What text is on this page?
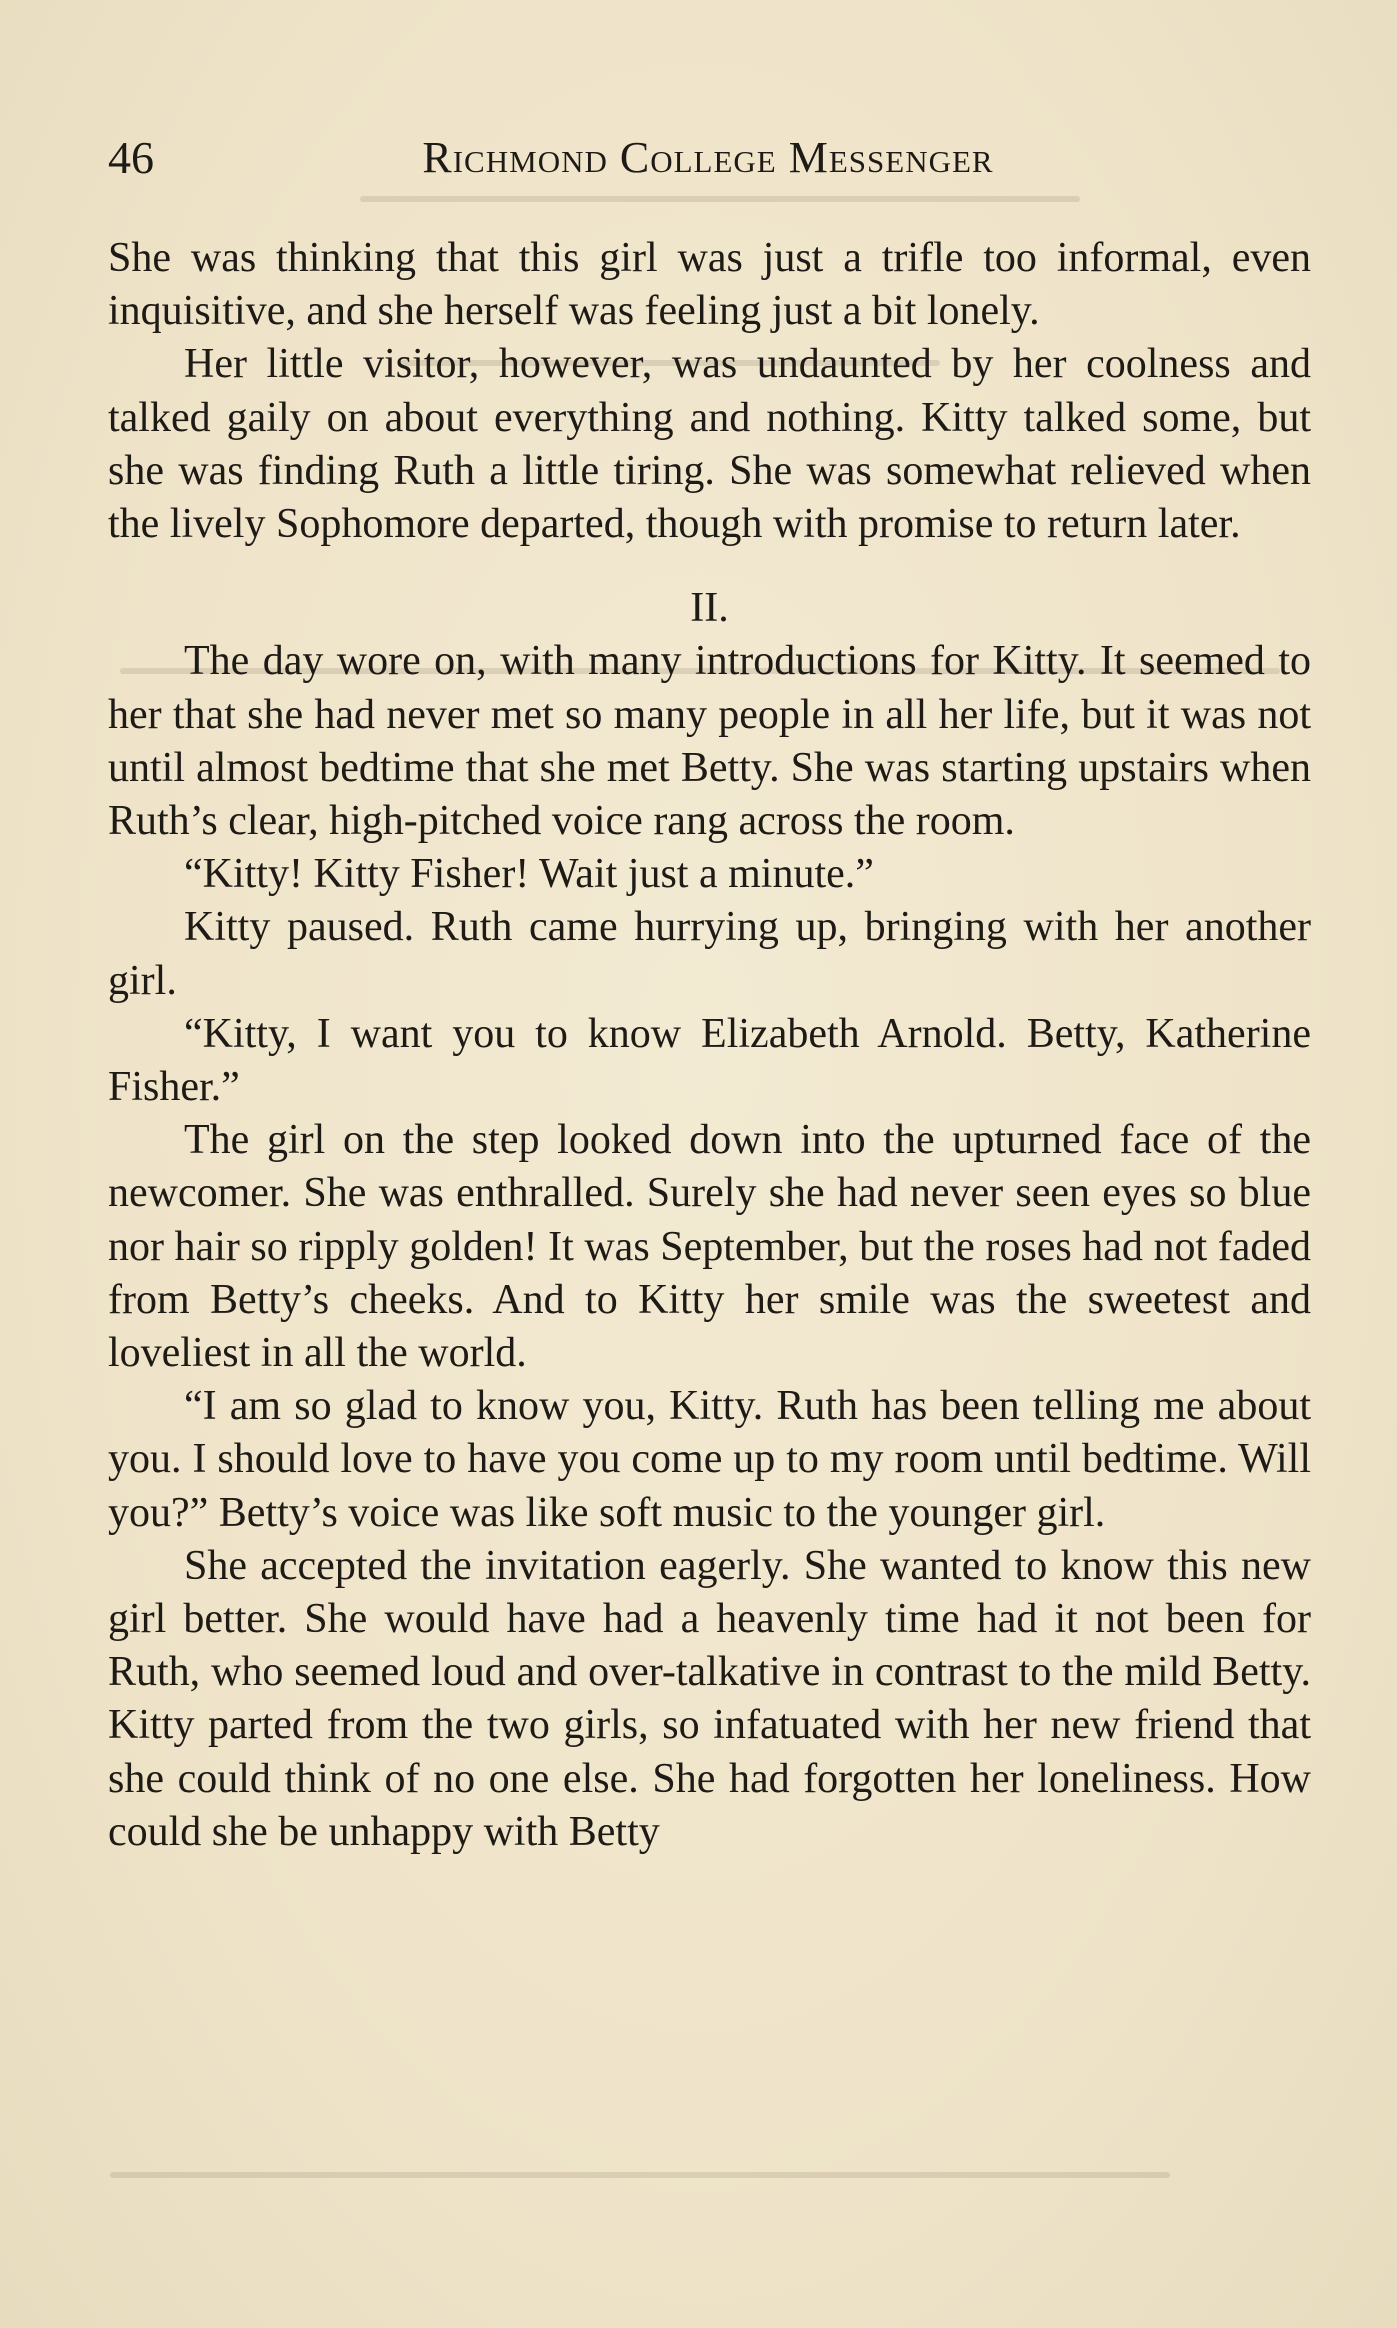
46	Richmond College Messenger

She was thinking that this girl was just a trifle too informal, even inquisitive, and she herself was feeling just a bit lonely.

Her little visitor, however, was undaunted by her coolness and talked gaily on about everything and nothing. Kitty talked some, but she was finding Ruth a little tiring. She was somewhat relieved when the lively Sophomore departed, though with promise to return later.

II.

The day wore on, with many introductions for Kitty. It seemed to her that she had never met so many people in all her life, but it was not until almost bedtime that she met Betty. She was starting upstairs when Ruth’s clear, high-pitched voice rang across the room.

“Kitty! Kitty Fisher! Wait just a minute.”

Kitty paused. Ruth came hurrying up, bringing with her another girl.

“Kitty, I want you to know Elizabeth Arnold. Betty, Katherine Fisher.”

The girl on the step looked down into the upturned face of the newcomer. She was enthralled. Surely she had never seen eyes so blue nor hair so ripply golden! It was September, but the roses had not faded from Betty’s cheeks. And to Kitty her smile was the sweetest and loveliest in all the world.

“I am so glad to know you, Kitty. Ruth has been telling me about you. I should love to have you come up to my room until bedtime. Will you?” Betty’s voice was like soft music to the younger girl.

She accepted the invitation eagerly. She wanted to know this new girl better. She would have had a heavenly time had it not been for Ruth, who seemed loud and over-talkative in contrast to the mild Betty. Kitty parted from the two girls, so infatuated with her new friend that she could think of no one else. She had forgotten her loneliness. How could she be unhappy with Betty
